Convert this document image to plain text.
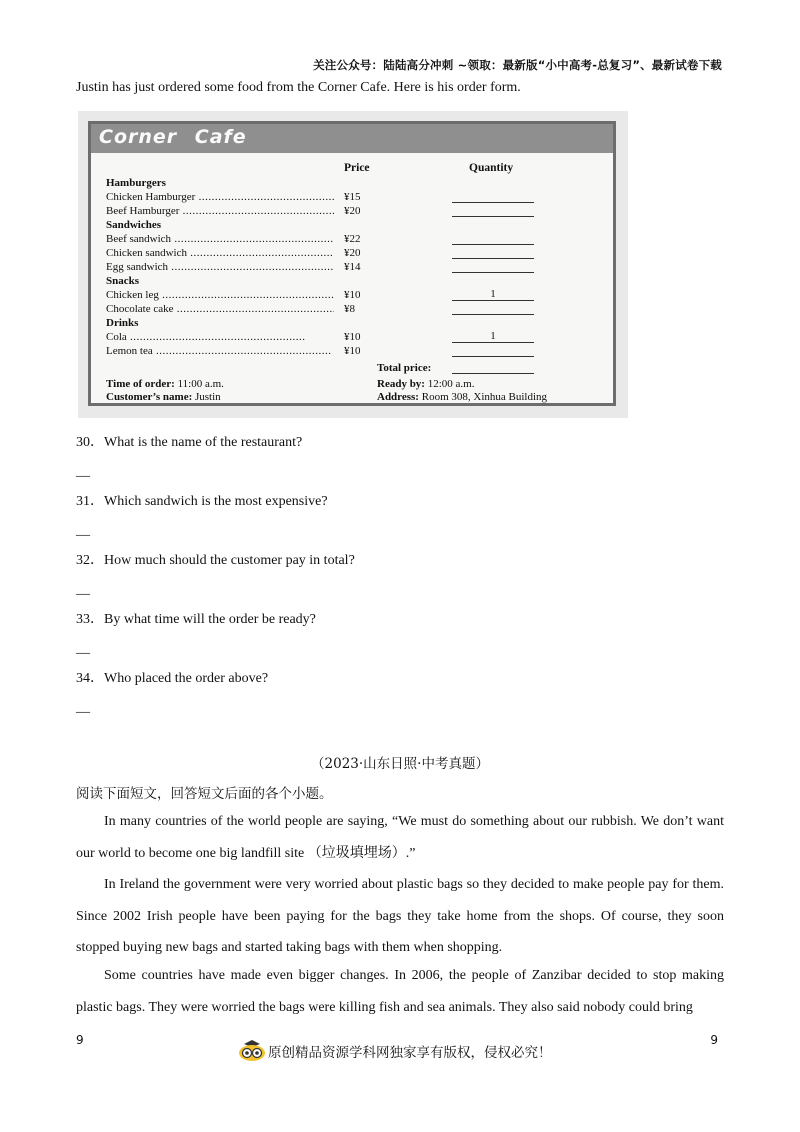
关注公众号：陆陆高分冲刺 ~领取：最新版“小中高考-总复习”、最新试卷下载
Justin has just ordered some food from the Corner Cafe. Here is his order form.
Corner Cafe
Price	Quantity
Hamburgers
Chicken Hamburger .....	¥15
Beef Hamburger .....	¥20
Sandwiches
Beef sandwich .....	¥22
Chicken sandwich .....	¥20
Egg sandwich .....	¥14
Snacks
Chicken leg .....	¥10	1
Chocolate cake .....	¥8
Drinks
Cola .....	¥10	1
Lemon tea .....	¥10
Total price:
Time of order: 11:00 a.m.
Customer’s name: Justin
Ready by: 12:00 a.m.
Address: Room 308, Xinhua Building
30．What is the name of the restaurant?
__
31．Which sandwich is the most expensive?
__
32．How much should the customer pay in total?
__
33．By what time will the order be ready?
__
34．Who placed the order above?
__
（2023·山东日照·中考真题）
阅读下面短文，回答短文后面的各个小题。
In many countries of the world people are saying, “We must do something about our rubbish. We don’t want our world to become one big landfill site （垃圾填埋场）.”
In Ireland the government were very worried about plastic bags so they decided to make people pay for them. Since 2002 Irish people have been paying for the bags they take home from the shops. Of course, they soon stopped buying new bags and started taking bags with them when shopping.
Some countries have made even bigger changes. In 2006, the people of Zanzibar decided to stop making plastic bags. They were worried the bags were killing fish and sea animals. They also said nobody could bring
9	9
原创精品资源学科网独家享有版权，侵权必究！
